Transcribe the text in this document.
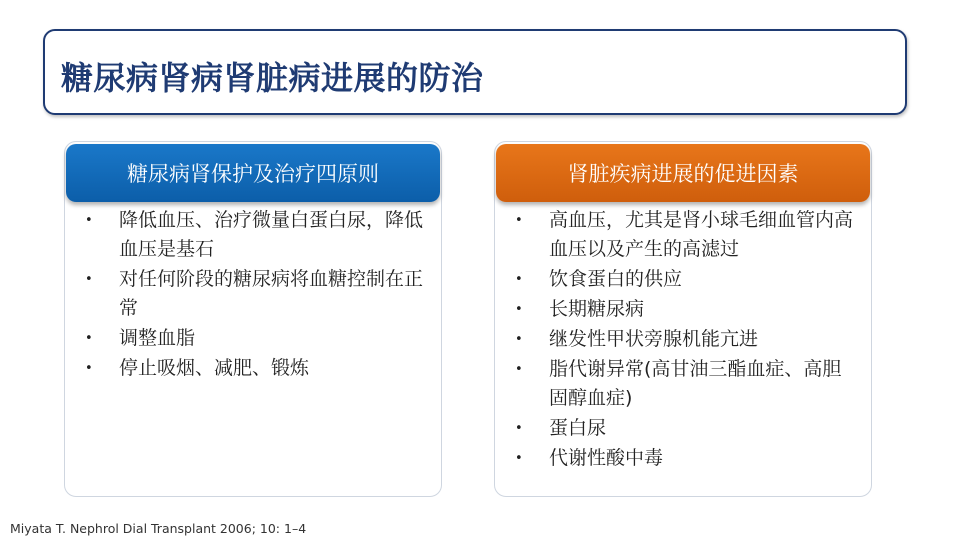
糖尿病肾病肾脏病进展的防治
糖尿病肾保护及治疗四原则
• 降低血压、治疗微量白蛋白尿，降低血压是基石
• 对任何阶段的糖尿病将血糖控制在正常
• 调整血脂
• 停止吸烟、减肥、锻炼
肾脏疾病进展的促进因素
• 高血压，尤其是肾小球毛细血管内高血压以及产生的高滤过
• 饮食蛋白的供应
• 长期糖尿病
• 继发性甲状旁腺机能亢进
• 脂代谢异常(高甘油三酯血症、高胆固醇血症)
• 蛋白尿
• 代谢性酸中毒
Miyata T. Nephrol Dial Transplant 2006; 10: 1–4
